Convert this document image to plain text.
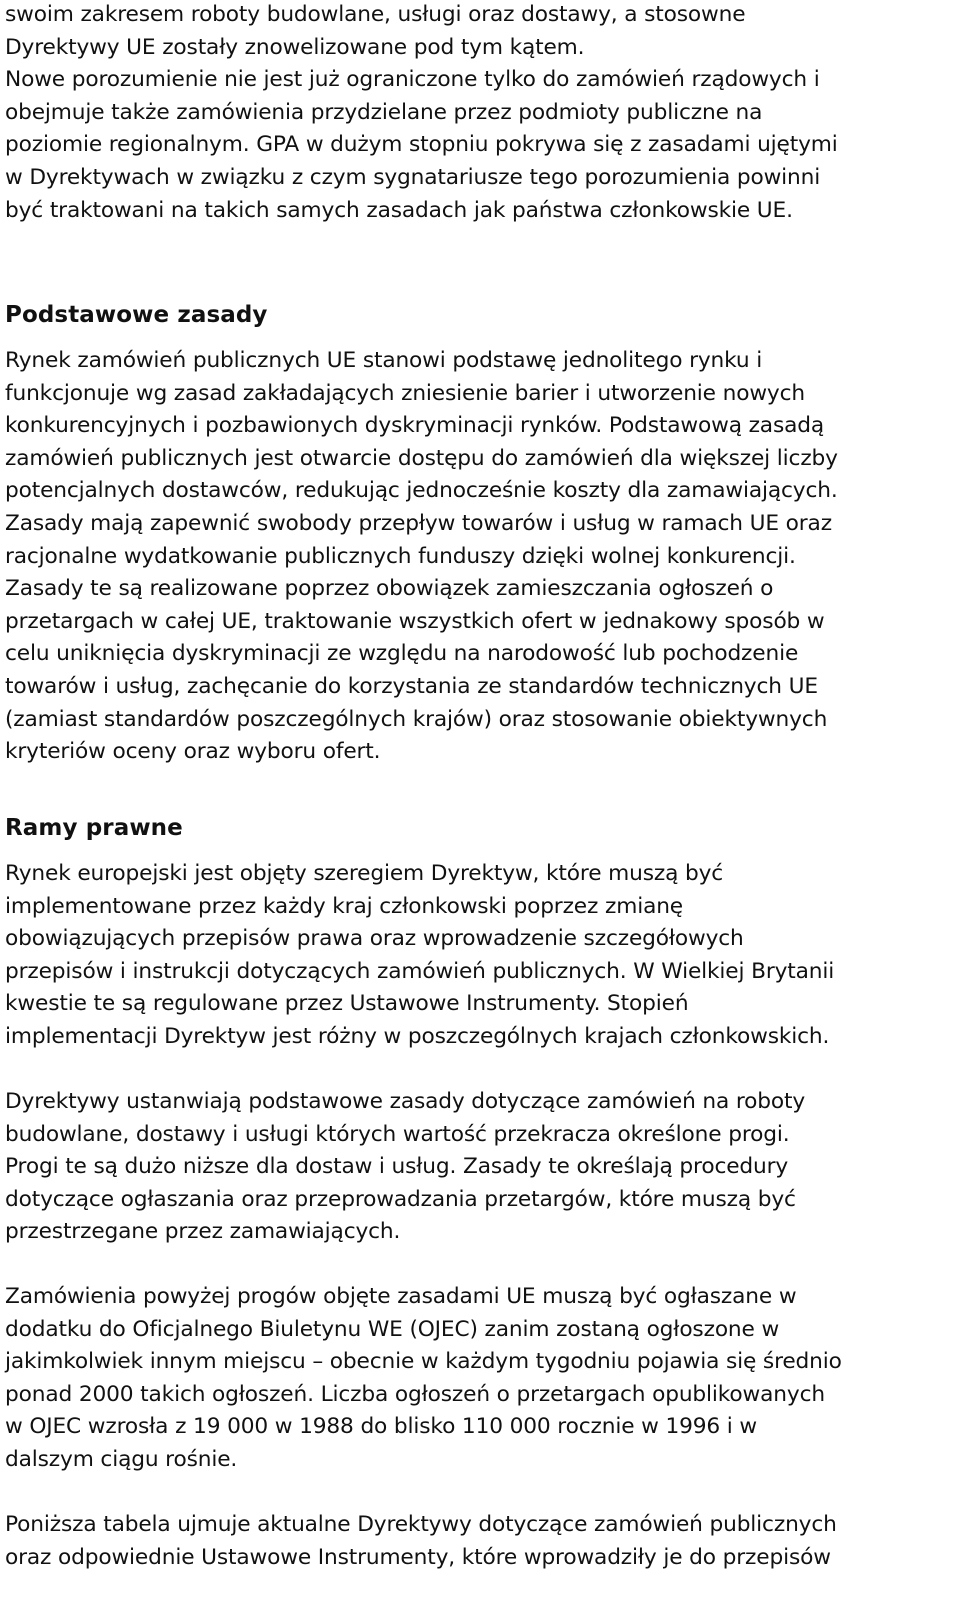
swoim zakresem roboty budowlane, usługi oraz dostawy, a stosowne
Dyrektywy UE zostały znowelizowane pod tym kątem.
Nowe porozumienie nie jest już ograniczone tylko do zamówień rządowych i
obejmuje także zamówienia przydzielane przez podmioty publiczne na
poziomie regionalnym. GPA w dużym stopniu pokrywa się z zasadami ujętymi
w Dyrektywach w związku z czym sygnatariusze tego porozumienia powinni
być traktowani na takich samych zasadach jak państwa członkowskie UE.
Podstawowe zasady
Rynek zamówień publicznych UE stanowi podstawę jednolitego rynku i
funkcjonuje wg zasad zakładających zniesienie barier i utworzenie nowych
konkurencyjnych i pozbawionych dyskryminacji rynków. Podstawową zasadą
zamówień publicznych jest otwarcie dostępu do zamówień dla większej liczby
potencjalnych dostawców, redukując jednocześnie koszty dla zamawiających.
Zasady mają zapewnić swobody przepływ towarów i usług w ramach UE oraz
racjonalne wydatkowanie publicznych funduszy dzięki wolnej konkurencji.
Zasady te są realizowane poprzez obowiązek zamieszczania ogłoszeń o
przetargach w całej UE, traktowanie wszystkich ofert w jednakowy sposób w
celu uniknięcia dyskryminacji ze względu na narodowość lub pochodzenie
towarów i usług, zachęcanie do korzystania ze standardów technicznych UE
(zamiast standardów poszczególnych krajów) oraz stosowanie obiektywnych
kryteriów oceny oraz wyboru ofert.
Ramy prawne
Rynek europejski jest objęty szeregiem Dyrektyw, które muszą być
implementowane przez każdy kraj członkowski poprzez zmianę
obowiązujących przepisów prawa oraz wprowadzenie szczegółowych
przepisów i instrukcji dotyczących zamówień publicznych. W Wielkiej Brytanii
kwestie te są regulowane przez Ustawowe Instrumenty. Stopień
implementacji Dyrektyw jest różny w poszczególnych krajach członkowskich.
Dyrektywy ustanwiają podstawowe zasady dotyczące zamówień na roboty
budowlane, dostawy i usługi których wartość przekracza określone progi.
Progi te są dużo niższe dla dostaw i usług. Zasady te określają procedury
dotyczące ogłaszania oraz przeprowadzania przetargów, które muszą być
przestrzegane przez zamawiających.
Zamówienia powyżej progów objęte zasadami UE muszą być ogłaszane w
dodatku do Oficjalnego Biuletynu WE (OJEC) zanim zostaną ogłoszone w
jakimkolwiek innym miejscu – obecnie w każdym tygodniu pojawia się średnio
ponad 2000 takich ogłoszeń. Liczba ogłoszeń o przetargach opublikowanych
w OJEC wzrosła z 19 000 w 1988 do blisko 110 000 rocznie w 1996 i w
dalszym ciągu rośnie.
Poniższa tabela ujmuje aktualne Dyrektywy dotyczące zamówień publicznych
oraz odpowiednie Ustawowe Instrumenty, które wprowadziły je do przepisów
